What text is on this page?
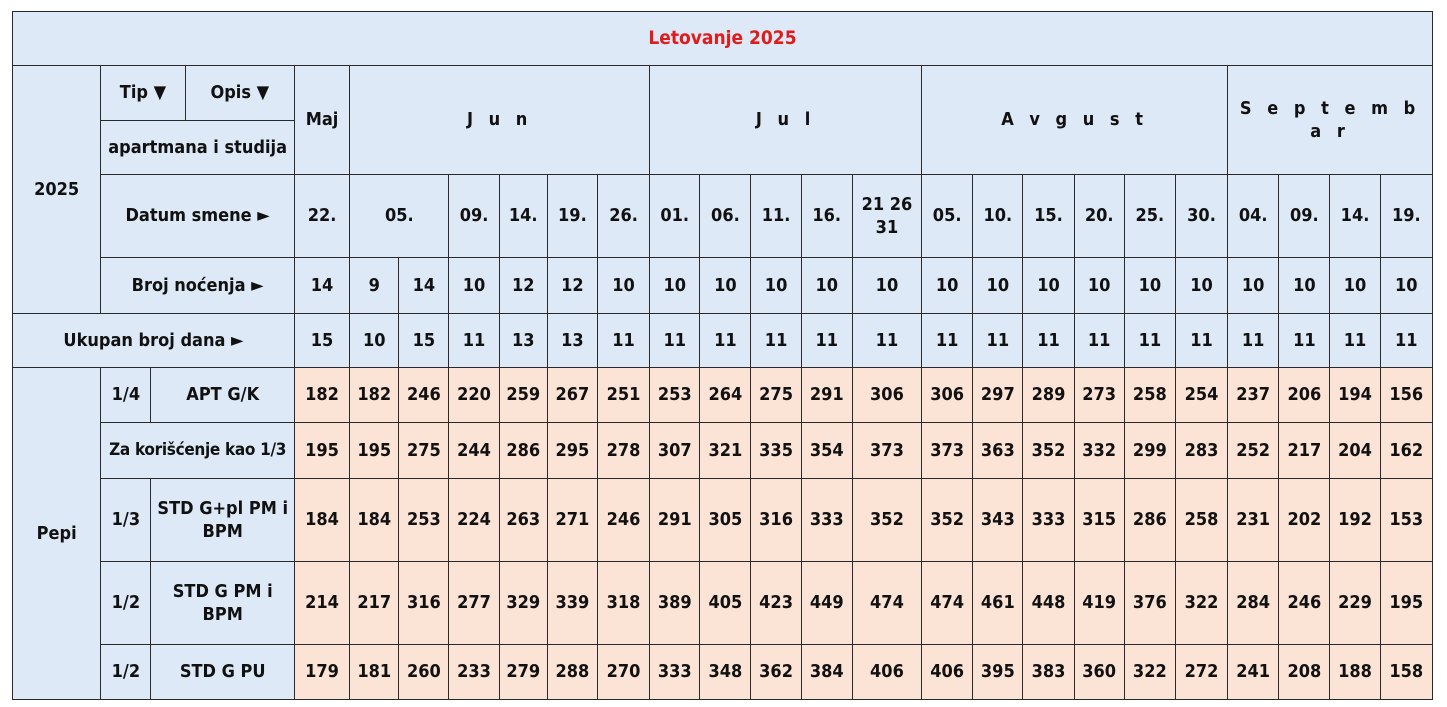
Letovanje 2025																									
2025	Tip ▼		Opis ▼	Maj	J u n						J u l					A v g u s t						S e p t e m b a r			
	apartmana i studija																								
	Datum smene ►			22.	05.		09.	14.	19.	26.	01.	06.	11.	16.	21 26 31	05.	10.	15.	20.	25.	30.	04.	09.	14.	19.
	Broj noćenja ►			14	9	14	10	12	12	10	10	10	10	10	10	10	10	10	10	10	10	10	10	10	10
Ukupan broj dana ►				15	10	15	11	13	13	11	11	11	11	11	11	11	11	11	11	11	11	11	11	11	11
Pepi	1/4	APT G/K		182	182	246	220	259	267	251	253	264	275	291	306	306	297	289	273	258	254	237	206	194	156
	Za korišćenje kao 1/3			195	195	275	244	286	295	278	307	321	335	354	373	373	363	352	332	299	283	252	217	204	162
	1/3	STD G+pl PM i BPM		184	184	253	224	263	271	246	291	305	316	333	352	352	343	333	315	286	258	231	202	192	153
	1/2	STD G PM i BPM		214	217	316	277	329	339	318	389	405	423	449	474	474	461	448	419	376	322	284	246	229	195
	1/2	STD G PU		179	181	260	233	279	288	270	333	348	362	384	406	406	395	383	360	322	272	241	208	188	158
